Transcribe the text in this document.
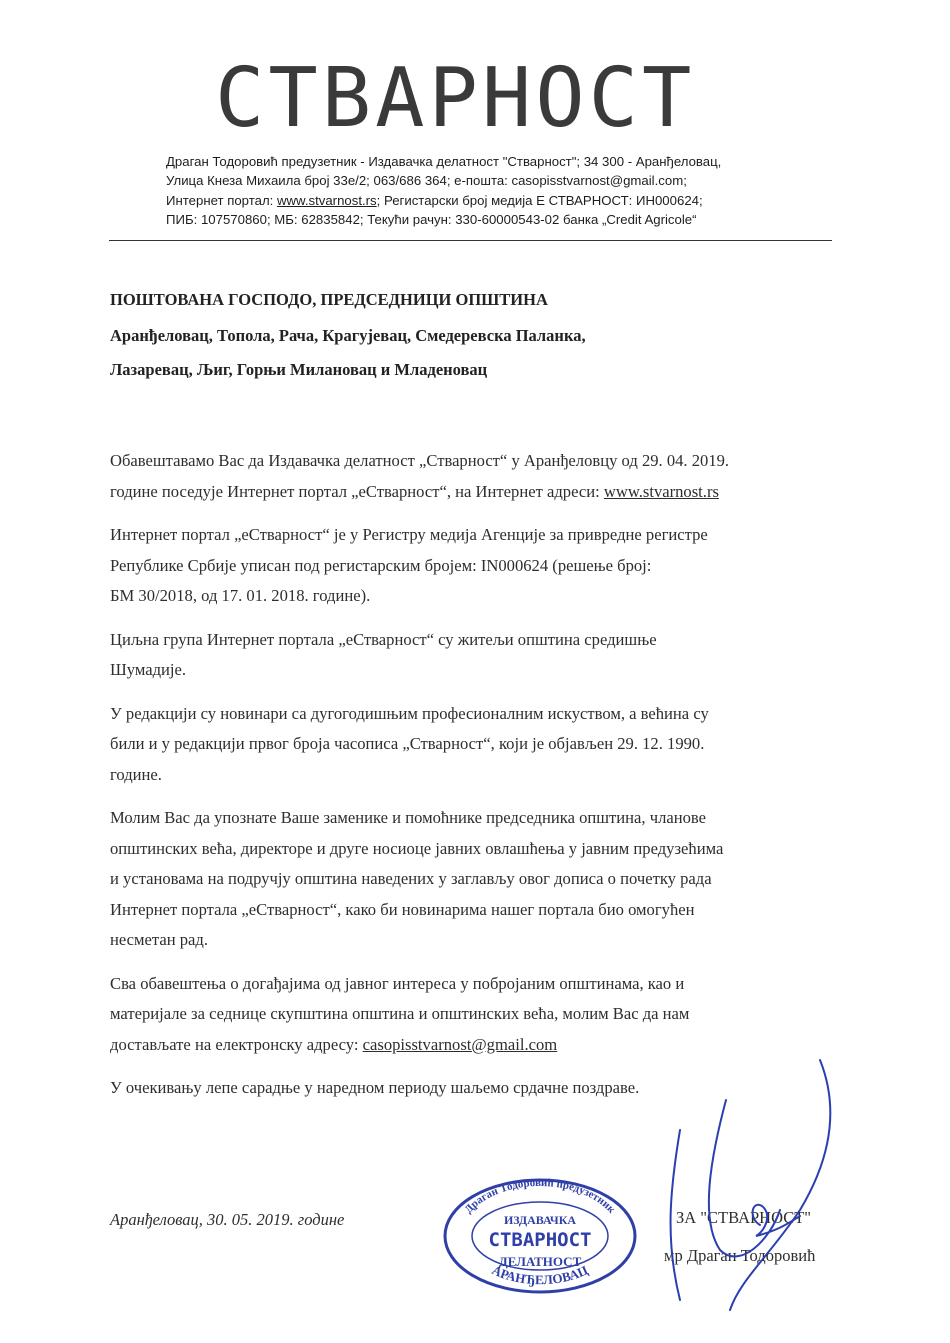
СТВАРНОСТ
Драган Тодоровић предузетник - Издавачка делатност "Стварност"; 34 300 - Аранђеловац,
Улица Кнеза Михаила број 33е/2; 063/686 364; е-пошта: casopisstvarnost@gmail.com;
Интернет портал: www.stvarnost.rs; Регистарски број медија Е СТВАРНОСТ: ИН000624;
ПИБ: 107570860; МБ: 62835842; Текући рачун: 330-60000543-02 банка „Credit Agricole“
ПОШТОВАНА ГОСПОДО, ПРЕДСЕДНИЦИ ОПШТИНА
Аранђеловац, Топола, Рача, Крагујевац, Смедеревска Паланка,
Лазаревац, Љиг, Горњи Милановац и Младеновац

Обавештавамо Вас да Издавачка делатност „Стварност“ у Аранђеловцу од 29. 04. 2019.
године поседује Интернет портал „еСтварност“, на Интернет адреси: www.stvarnost.rs

Интернет портал „еСтварност“ је у Регистру медија Агенције за привредне регистре
Републике Србије уписан под регистарским бројем: IN000624 (решење број:
БМ 30/2018, од 17. 01. 2018. године).

Циљна група Интернет портала „еСтварност“ су житељи општина средишње
Шумадије.

У редакцији су новинари са дугогодишњим професионалним искуством, а већина су
били и у редакцији првог броја часописа „Стварност“, који је објављен 29. 12. 1990.
године.

Молим Вас да упознате Ваше заменике и помоћнике председника општина, чланове
општинских већа, директоре и друге носиоце јавних овлашћења у јавним предузећима
и установама на подручју општина наведених у заглављу овог дописа о почетку рада
Интернет портала „еСтварност“, како би новинарима нашег портала био омогућен
несметан рад.

Сва обавештења о догађајима од јавног интереса у побројаним општинама, као и
материјале за седнице скупштина општина и општинских већа, молим Вас да нам
достављате на електронску адресу: casopisstvarnost@gmail.com

У очекивању лепе сарадње у наредном периоду шаљемо срдачне поздраве.

Аранђеловац, 30. 05. 2019. године	ЗА "СТВАРНОСТ"
мр Драган Тодоровић
Драган Тодоровић предузетник
ИЗДАВАЧКА
СТВАРНОСТ
ДЕЛАТНОСТ
АРАНЂЕЛОВАЦ
